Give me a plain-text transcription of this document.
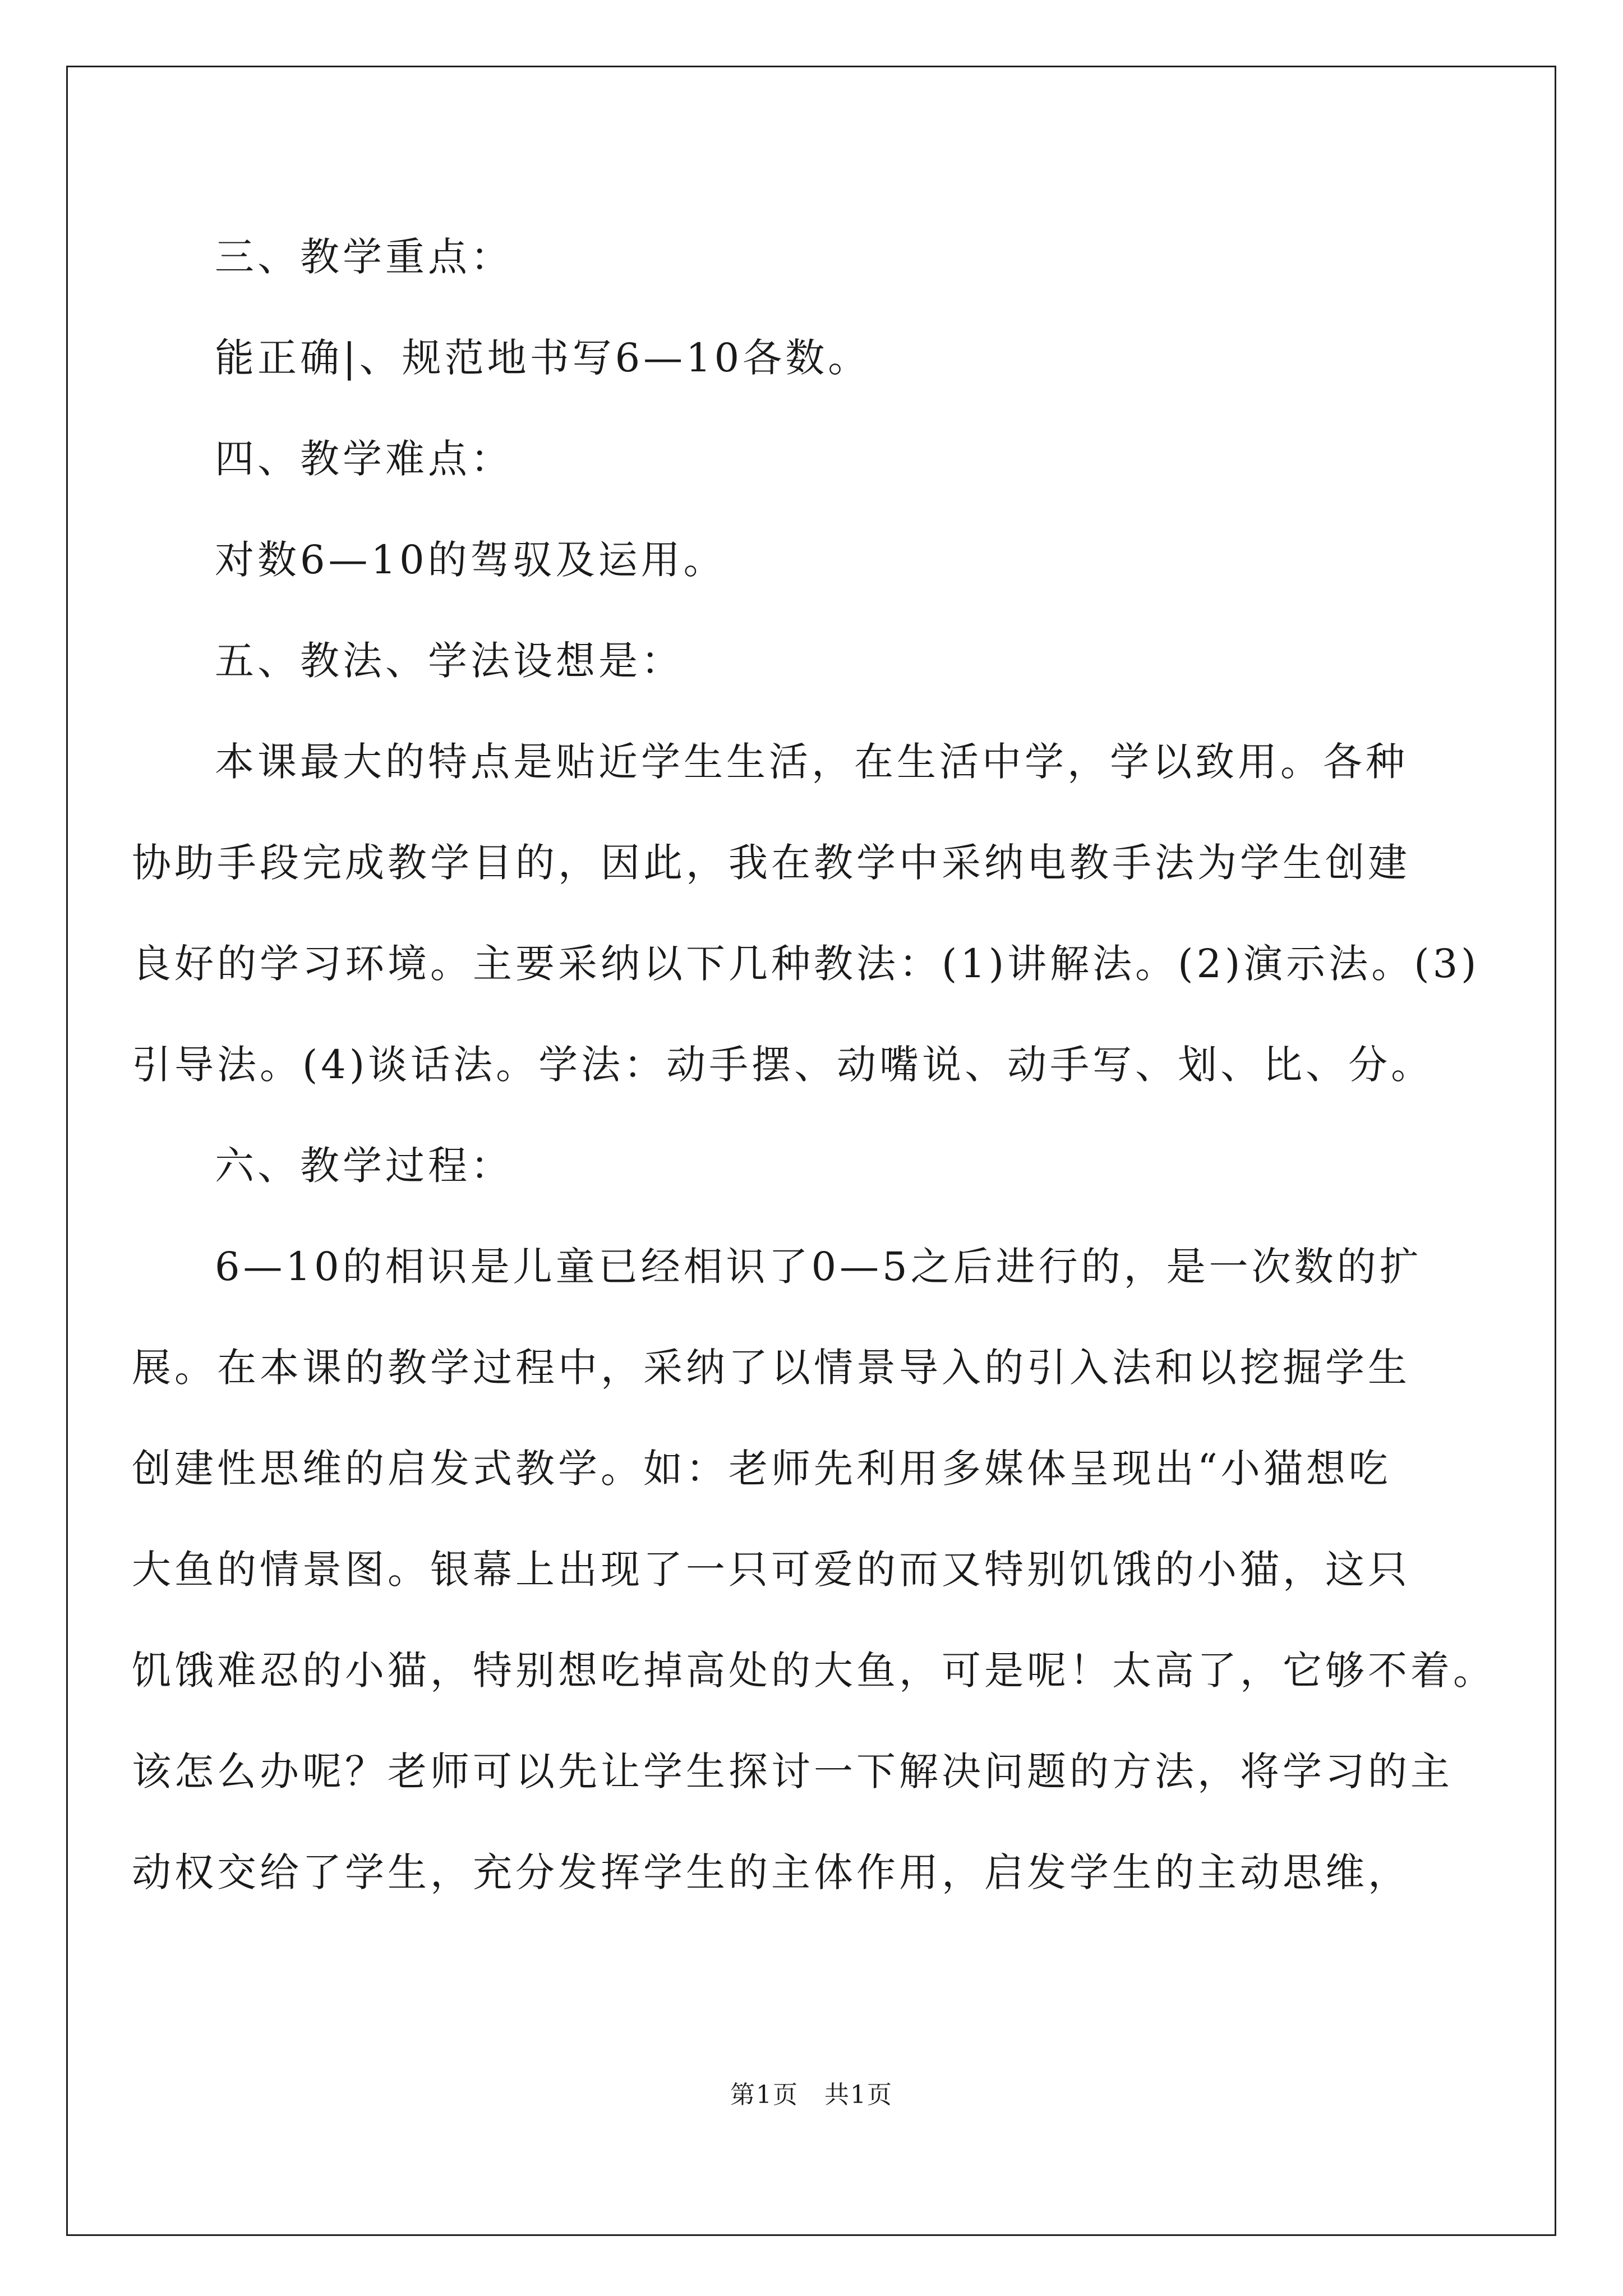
三、教学重点：
能正确|、规范地书写6—10各数。
四、教学难点：
对数6—10的驾驭及运用。
五、教法、学法设想是：
本课最大的特点是贴近学生生活，在生活中学，学以致用。各种
协助手段完成教学目的，因此，我在教学中采纳电教手法为学生创建
良好的学习环境。主要采纳以下几种教法：(1)讲解法。(2)演示法。(3)
引导法。(4)谈话法。学法：动手摆、动嘴说、动手写、划、比、分。
六、教学过程：
6—10的相识是儿童已经相识了0—5之后进行的，是一次数的扩
展。在本课的教学过程中，采纳了以情景导入的引入法和以挖掘学生
创建性思维的启发式教学。如：老师先利用多媒体呈现出“小猫想吃
大鱼的情景图。银幕上出现了一只可爱的而又特别饥饿的小猫，这只
饥饿难忍的小猫，特别想吃掉高处的大鱼，可是呢！太高了，它够不着。
该怎么办呢？老师可以先让学生探讨一下解决问题的方法，将学习的主
动权交给了学生，充分发挥学生的主体作用，启发学生的主动思维，
第1页　共1页
